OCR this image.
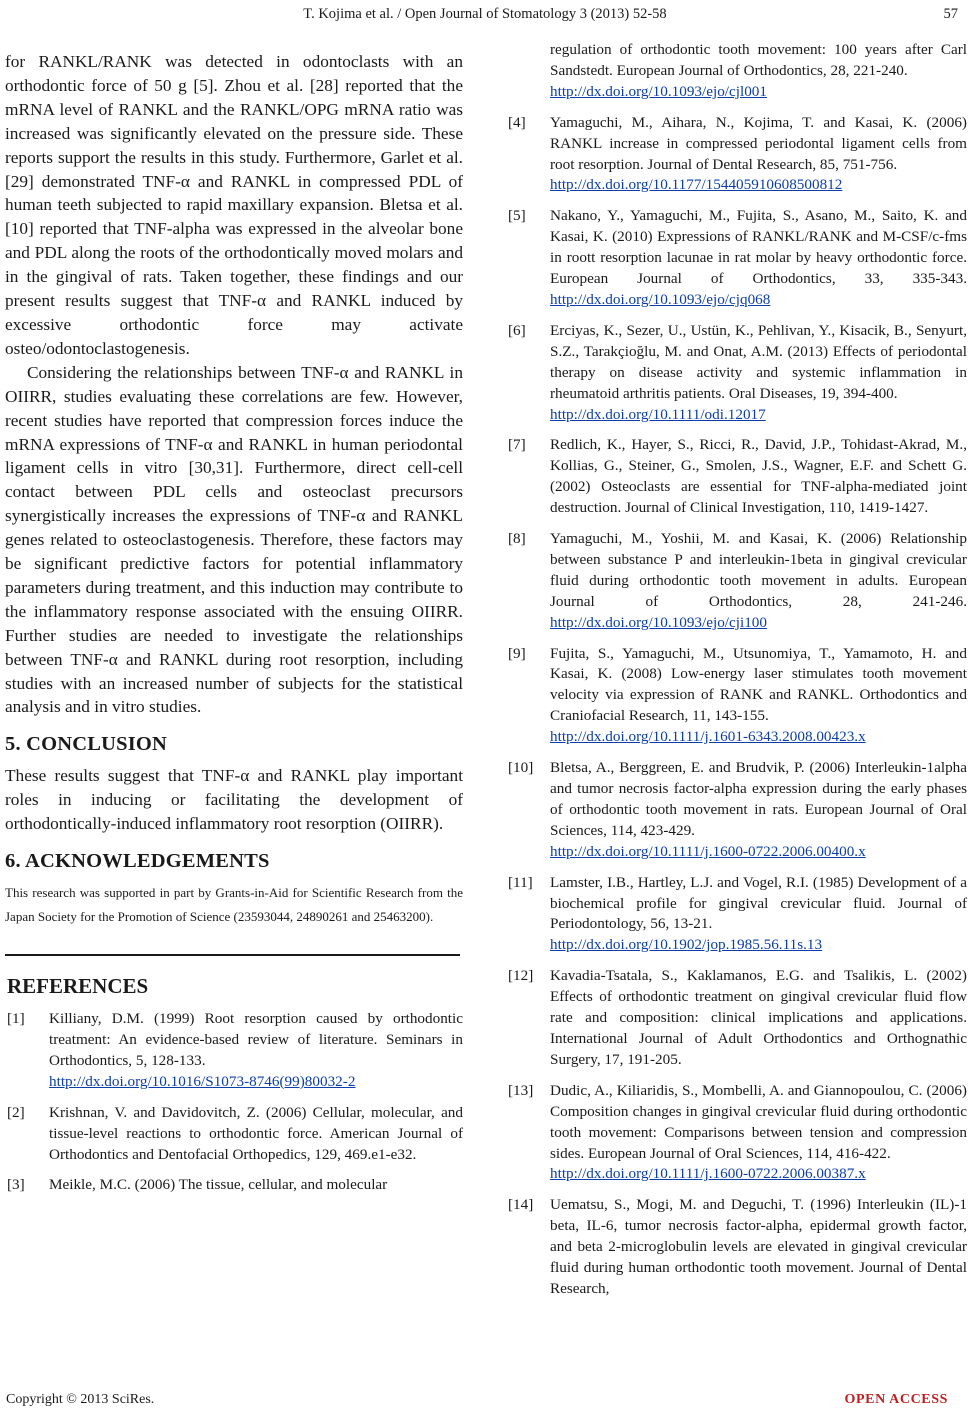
T. Kojima et al. / Open Journal of Stomatology 3 (2013) 52-58	57

for RANKL/RANK was detected in odontoclasts with an orthodontic force of 50 g [5]. Zhou et al. [28] reported that the mRNA level of RANKL and the RANKL/OPG mRNA ratio was increased was significantly elevated on the pressure side. These reports support the results in this study. Furthermore, Garlet et al. [29] demonstrated TNF-α and RANKL in compressed PDL of human teeth subjected to rapid maxillary expansion. Bletsa et al. [10] reported that TNF-alpha was expressed in the alveolar bone and PDL along the roots of the orthodontically moved molars and in the gingival of rats. Taken together, these findings and our present results suggest that TNF-α and RANKL induced by excessive orthodontic force may activate osteo/odontoclastogenesis.

Considering the relationships between TNF-α and RANKL in OIIRR, studies evaluating these correlations are few. However, recent studies have reported that compression forces induce the mRNA expressions of TNF-α and RANKL in human periodontal ligament cells in vitro [30,31]. Furthermore, direct cell-cell contact between PDL cells and osteoclast precursors synergistically increases the expressions of TNF-α and RANKL genes related to osteoclastogenesis. Therefore, these factors may be significant predictive factors for potential inflammatory parameters during treatment, and this induction may contribute to the inflammatory response associated with the ensuing OIIRR. Further studies are needed to investigate the relationships between TNF-α and RANKL during root resorption, including studies with an increased number of subjects for the statistical analysis and in vitro studies.

5. CONCLUSION

These results suggest that TNF-α and RANKL play important roles in inducing or facilitating the development of orthodontically-induced inflammatory root resorption (OIIRR).

6. ACKNOWLEDGEMENTS

This research was supported in part by Grants-in-Aid for Scientific Research from the Japan Society for the Promotion of Science (23593044, 24890261 and 25463200).

REFERENCES
[1]	Killiany, D.M. (1999) Root resorption caused by orthodontic treatment: An evidence-based review of literature. Seminars in Orthodontics, 5, 128-133.
http://dx.doi.org/10.1016/S1073-8746(99)80032-2
[2]	Krishnan, V. and Davidovitch, Z. (2006) Cellular, molecular, and tissue-level reactions to orthodontic force. American Journal of Orthodontics and Dentofacial Orthopedics, 129, 469.e1-e32.
[3]	Meikle, M.C. (2006) The tissue, cellular, and molecular
regulation of orthodontic tooth movement: 100 years after Carl Sandstedt. European Journal of Orthodontics, 28, 221-240.
http://dx.doi.org/10.1093/ejo/cjl001
[4]	Yamaguchi, M., Aihara, N., Kojima, T. and Kasai, K. (2006) RANKL increase in compressed periodontal ligament cells from root resorption. Journal of Dental Research, 85, 751-756.
http://dx.doi.org/10.1177/154405910608500812
[5]	Nakano, Y., Yamaguchi, M., Fujita, S., Asano, M., Saito, K. and Kasai, K. (2010) Expressions of RANKL/RANK and M-CSF/c-fms in roott resorption lacunae in rat molar by heavy orthodontic force. European Journal of Orthodontics, 33, 335-343. http://dx.doi.org/10.1093/ejo/cjq068
[6]	Erciyas, K., Sezer, U., Ustün, K., Pehlivan, Y., Kisacik, B., Senyurt, S.Z., Tarakçioğlu, M. and Onat, A.M. (2013) Effects of periodontal therapy on disease activity and systemic inflammation in rheumatoid arthritis patients. Oral Diseases, 19, 394-400.
http://dx.doi.org/10.1111/odi.12017
[7]	Redlich, K., Hayer, S., Ricci, R., David, J.P., Tohidast-Akrad, M., Kollias, G., Steiner, G., Smolen, J.S., Wagner, E.F. and Schett G. (2002) Osteoclasts are essential for TNF-alpha-mediated joint destruction. Journal of Clinical Investigation, 110, 1419-1427.
[8]	Yamaguchi, M., Yoshii, M. and Kasai, K. (2006) Relationship between substance P and interleukin-1beta in gingival crevicular fluid during orthodontic tooth movement in adults. European Journal of Orthodontics, 28, 241-246. http://dx.doi.org/10.1093/ejo/cji100
[9]	Fujita, S., Yamaguchi, M., Utsunomiya, T., Yamamoto, H. and Kasai, K. (2008) Low-energy laser stimulates tooth movement velocity via expression of RANK and RANKL. Orthodontics and Craniofacial Research, 11, 143-155.
http://dx.doi.org/10.1111/j.1601-6343.2008.00423.x
[10]	Bletsa, A., Berggreen, E. and Brudvik, P. (2006) Interleukin-1alpha and tumor necrosis factor-alpha expression during the early phases of orthodontic tooth movement in rats. European Journal of Oral Sciences, 114, 423-429.
http://dx.doi.org/10.1111/j.1600-0722.2006.00400.x
[11]	Lamster, I.B., Hartley, L.J. and Vogel, R.I. (1985) Development of a biochemical profile for gingival crevicular fluid. Journal of Periodontology, 56, 13-21.
http://dx.doi.org/10.1902/jop.1985.56.11s.13
[12]	Kavadia-Tsatala, S., Kaklamanos, E.G. and Tsalikis, L. (2002) Effects of orthodontic treatment on gingival crevicular fluid flow rate and composition: clinical implications and applications. International Journal of Adult Orthodontics and Orthognathic Surgery, 17, 191-205.
[13]	Dudic, A., Kiliaridis, S., Mombelli, A. and Giannopoulou, C. (2006) Composition changes in gingival crevicular fluid during orthodontic tooth movement: Comparisons between tension and compression sides. European Journal of Oral Sciences, 114, 416-422.
http://dx.doi.org/10.1111/j.1600-0722.2006.00387.x
[14]	Uematsu, S., Mogi, M. and Deguchi, T. (1996) Interleukin (IL)-1 beta, IL-6, tumor necrosis factor-alpha, epidermal growth factor, and beta 2-microglobulin levels are elevated in gingival crevicular fluid during human orthodontic tooth movement. Journal of Dental Research,
Copyright © 2013 SciRes.	OPEN ACCESS
